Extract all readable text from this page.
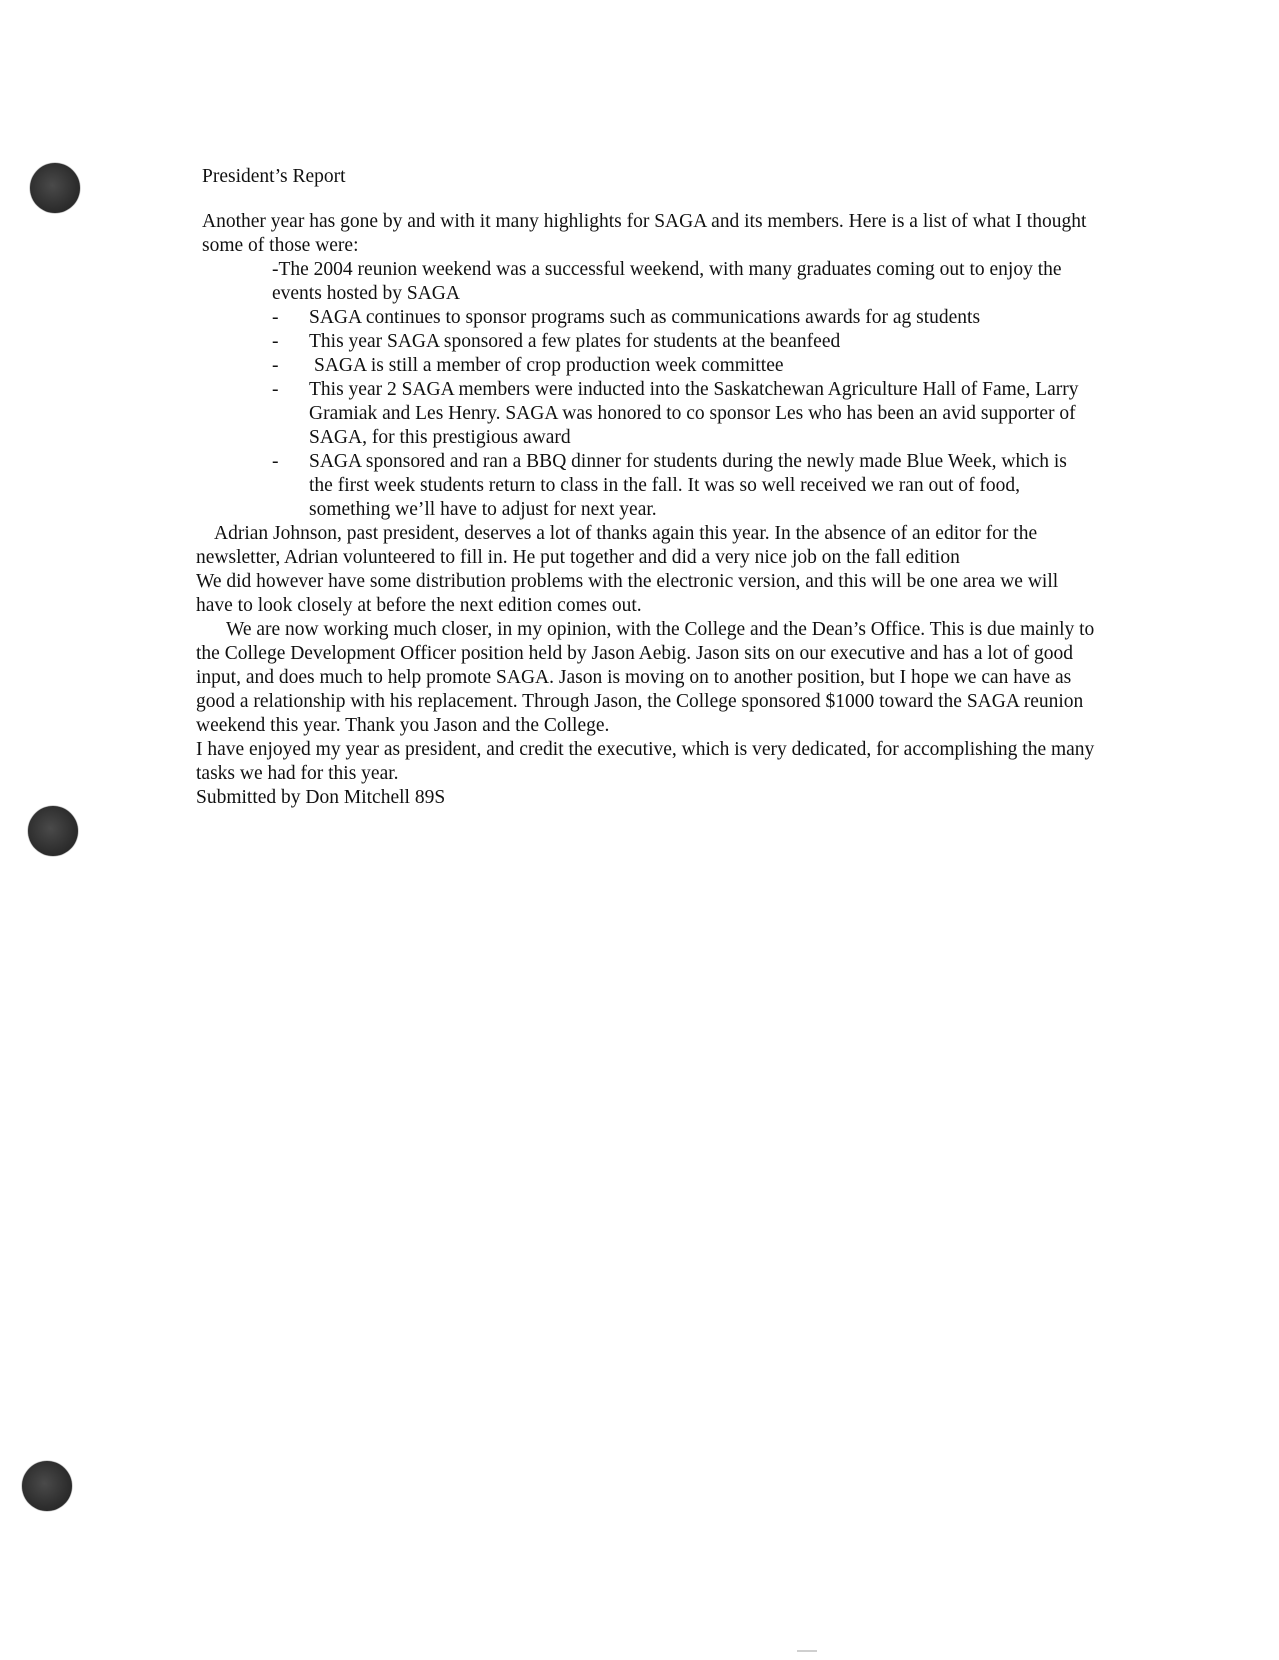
President’s Report

Another year has gone by and with it many highlights for SAGA and its members. Here is a list of what I thought some of those were:

-The 2004 reunion weekend was a successful weekend, with many graduates coming out to enjoy the events hosted by SAGA

- SAGA continues to sponsor programs such as communications awards for ag students
- This year SAGA sponsored a few plates for students at the beanfeed
- SAGA is still a member of crop production week committee
- This year 2 SAGA members were inducted into the Saskatchewan Agriculture Hall of Fame, Larry Gramiak and Les Henry. SAGA was honored to co sponsor Les who has been an avid supporter of SAGA, for this prestigious award
- SAGA sponsored and ran a BBQ dinner for students during the newly made Blue Week, which is the first week students return to class in the fall. It was so well received we ran out of food, something we’ll have to adjust for next year.

Adrian Johnson, past president, deserves a lot of thanks again this year. In the absence of an editor for the newsletter, Adrian volunteered to fill in. He put together and did a very nice job on the fall edition

We did however have some distribution problems with the electronic version, and this will be one area we will have to look closely at before the next edition comes out.

We are now working much closer, in my opinion, with the College and the Dean’s Office. This is due mainly to the College Development Officer position held by Jason Aebig. Jason sits on our executive and has a lot of good input, and does much to help promote SAGA. Jason is moving on to another position, but I hope we can have as good a relationship with his replacement. Through Jason, the College sponsored $1000 toward the SAGA reunion weekend this year. Thank you Jason and the College.

I have enjoyed my year as president, and credit the executive, which is very dedicated, for accomplishing the many tasks we had for this year.

Submitted by Don Mitchell 89S
